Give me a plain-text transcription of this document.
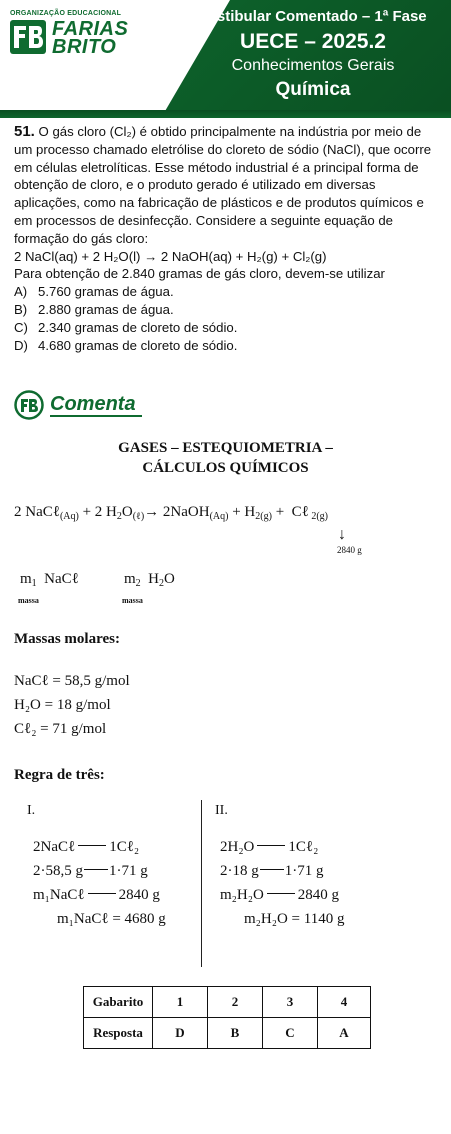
ORGANIZAÇÃO EDUCACIONAL
FARIAS
BRITO
Vestibular Comentado – 1ª Fase
UECE – 2025.2
Conhecimentos Gerais
Química
51. O gás cloro (Cl₂) é obtido principalmente na indústria por meio de um processo chamado eletrólise do cloreto de sódio (NaCl), que ocorre em células eletrolíticas. Esse método industrial é a principal forma de obtenção de cloro, e o produto gerado é utilizado em diversas aplicações, como na fabricação de plásticos e de produtos químicos e em processos de desinfecção. Considere a seguinte equação de formação do gás cloro:
2 NaCl(aq) + 2 H₂O(l) → 2 NaOH(aq) + H₂(g) + Cl₂(g)
Para obtenção de 2.840 gramas de gás cloro, devem-se utilizar
A) 5.760 gramas de água.
B) 2.880 gramas de água.
C) 2.340 gramas de cloreto de sódio.
D) 4.680 gramas de cloreto de sódio.
Comenta
GASES – ESTEQUIOMETRIA –
CÁLCULOS QUÍMICOS
2 NaCℓ$_{(Aq)}$ + 2 $H_2O_{(\ell)}\to$ 2NaOH$_{(Aq)}$ + $H_{2(g)}$ +  Cℓ $_{2(g)}$
↓
2840 g
$m_1$  NaCℓ
massa
$m_2$  $H_2O$
massa
Massas molares:
NaCℓ = 58,5 g/mol
H₂O = 18 g/mol
Cℓ₂ = 71 g/mol
Regra de três:
I.	II.
2NaCℓ 1Cℓ₂
2·58,5 g 1·71 g
m₁NaCℓ 2840 g
m₁NaCℓ = 4680 g
2H₂O 1Cℓ₂
2·18 g 1·71 g
m₂H₂O 2840 g
m₂H₂O = 1140 g
Gabarito	1	2	3	4
Resposta	D	B	C	A
